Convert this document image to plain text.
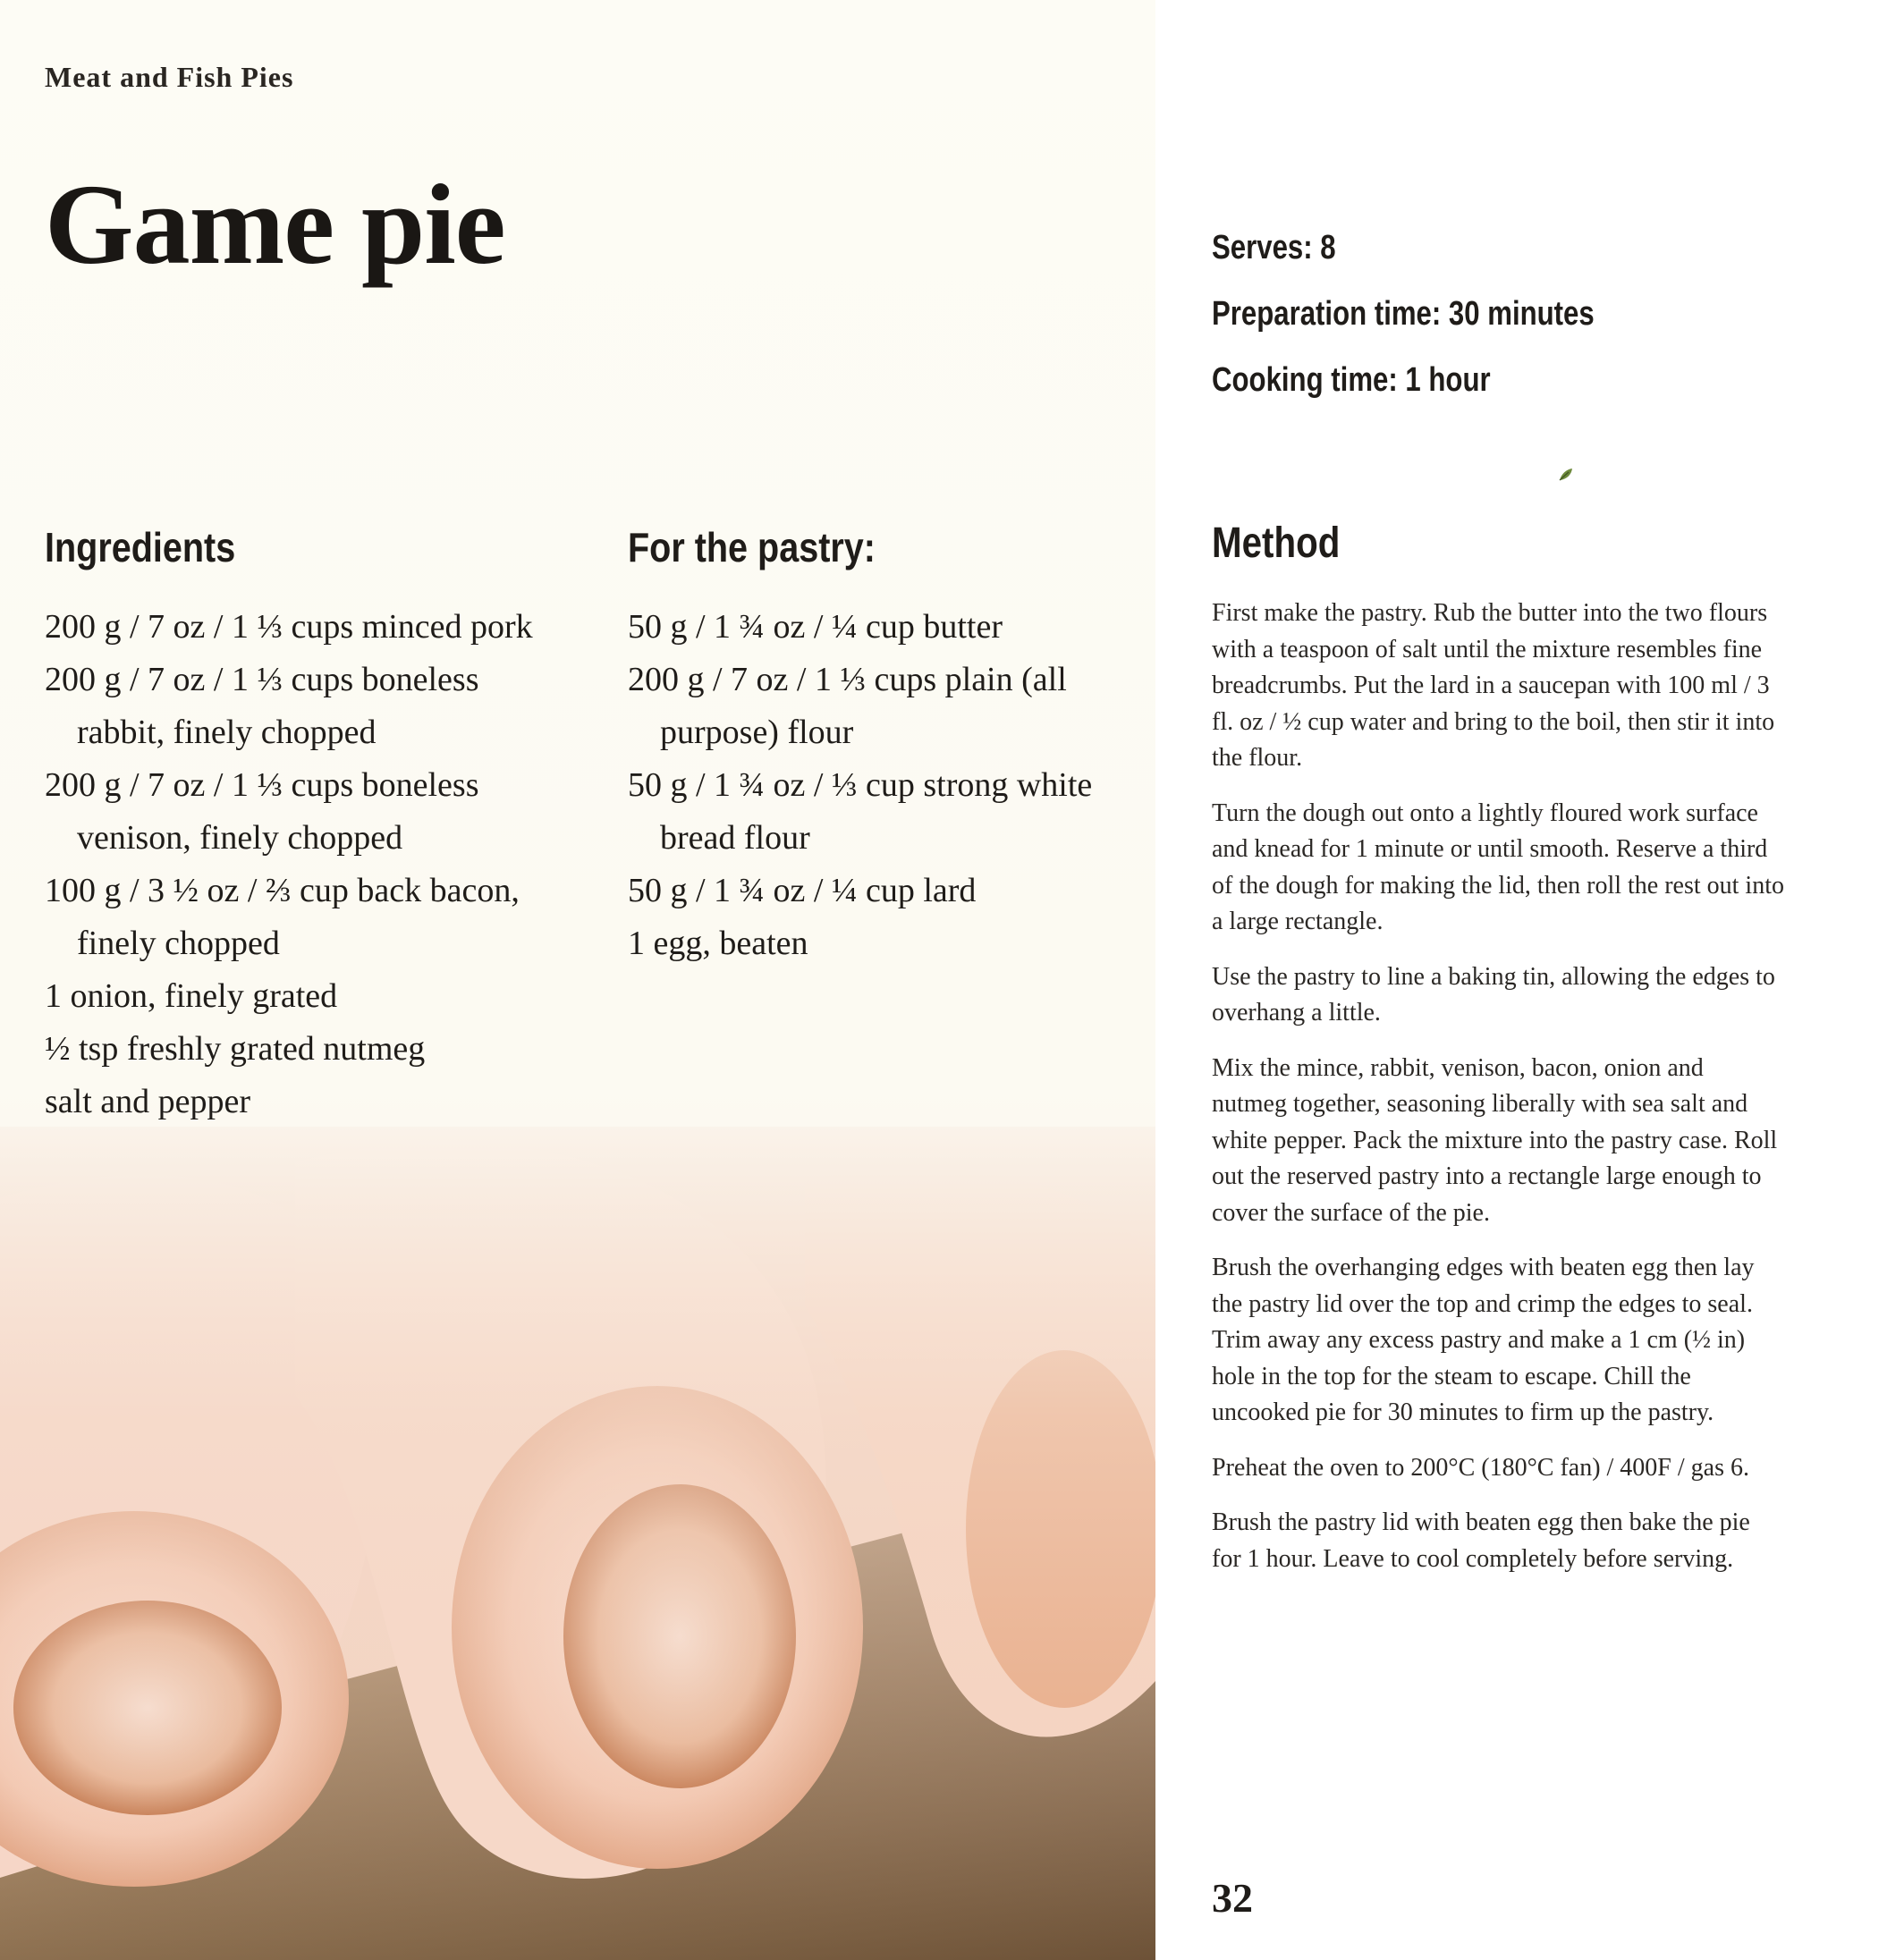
Meat and Fish Pies
Game pie
Ingredients
200 g / 7 oz / 1 ⅓ cups minced pork
200 g / 7 oz / 1 ⅓ cups boneless rabbit, finely chopped
200 g / 7 oz / 1 ⅓ cups boneless venison, finely chopped
100 g / 3 ½ oz / ⅔ cup back bacon, finely chopped
1 onion, finely grated
½ tsp freshly grated nutmeg
salt and pepper
For the pastry:
50 g / 1 ¾ oz / ¼ cup butter
200 g / 7 oz / 1 ⅓ cups plain (all purpose) flour
50 g / 1 ¾ oz / ⅓ cup strong white bread flour
50 g / 1 ¾ oz / ¼ cup lard
1 egg, beaten
Serves: 8
Preparation time: 30 minutes
Cooking time: 1 hour
Method

First make the pastry. Rub the butter into the two flours with a teaspoon of salt until the mixture resembles fine breadcrumbs. Put the lard in a saucepan with 100 ml / 3 fl. oz / ½ cup water and bring to the boil, then stir it into the flour.

Turn the dough out onto a lightly floured work surface and knead for 1 minute or until smooth. Reserve a third of the dough for making the lid, then roll the rest out into a large rectangle.

Use the pastry to line a baking tin, allowing the edges to overhang a little.

Mix the mince, rabbit, venison, bacon, onion and nutmeg together, seasoning liberally with sea salt and white pepper. Pack the mixture into the pastry case. Roll out the reserved pastry into a rectangle large enough to cover the surface of the pie.

Brush the overhanging edges with beaten egg then lay the pastry lid over the top and crimp the edges to seal. Trim away any excess pastry and make a 1 cm (½ in) hole in the top for the steam to escape. Chill the uncooked pie for 30 minutes to firm up the pastry.

Preheat the oven to 200°C (180°C fan) / 400F / gas 6.

Brush the pastry lid with beaten egg then bake the pie for 1 hour. Leave to cool completely before serving.

32
